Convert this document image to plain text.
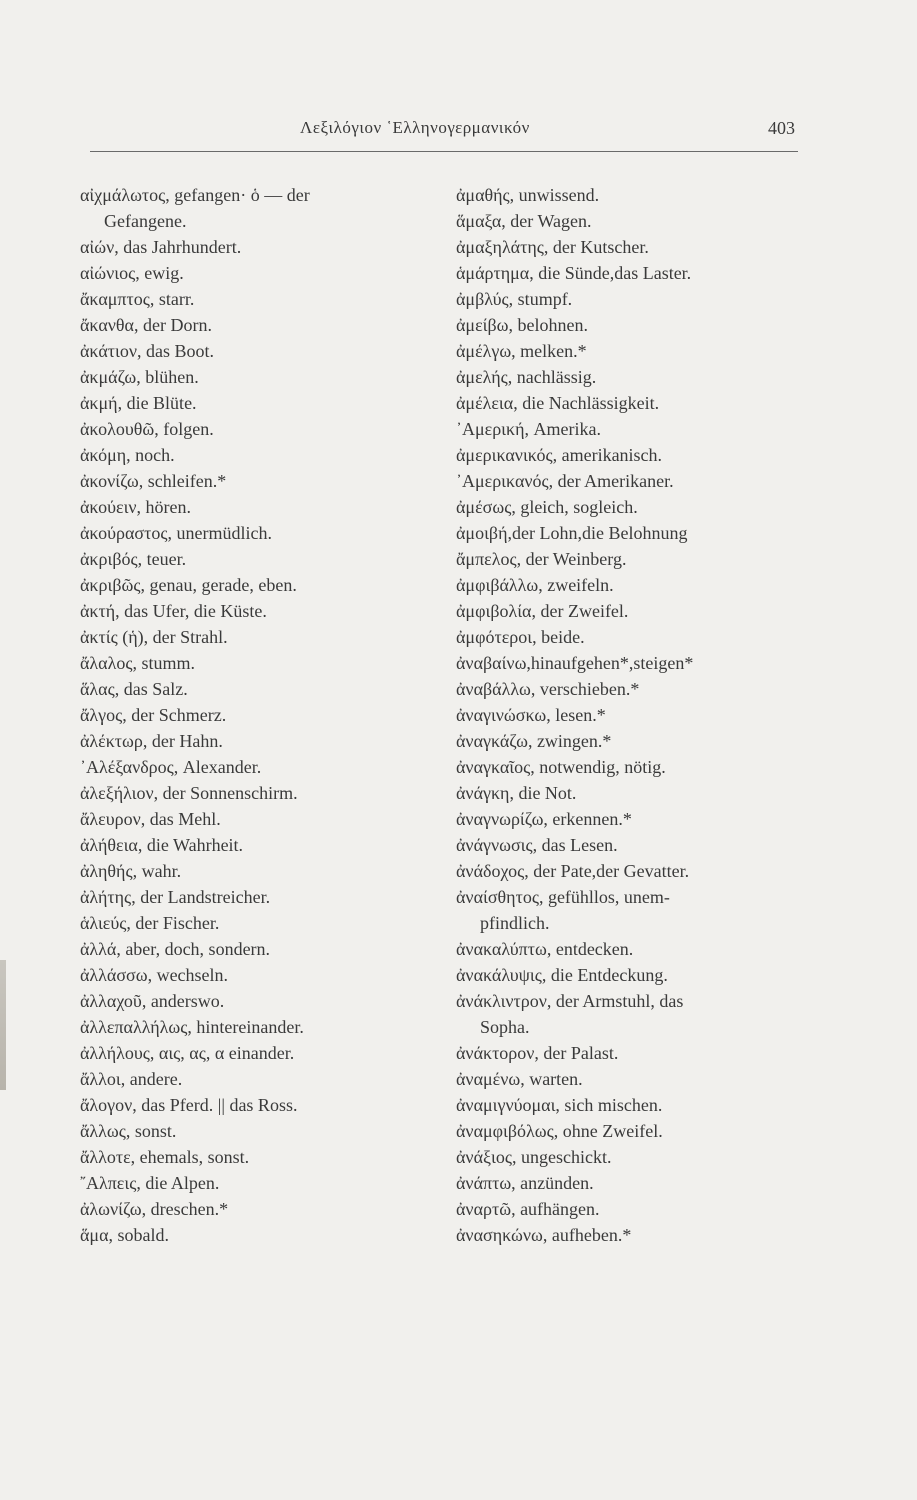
Λεξιλόγιον ῾Ελληνογερμανικόν	403
αἰχμάλωτος, gefangen· ὁ — der
Gefangene.
αἰών, das Jahrhundert.
αἰώνιος, ewig.
ἄκαμπτος, starr.
ἄκανθα, der Dorn.
ἀκάτιον, das Boot.
ἀκμάζω, blühen.
ἀκμή, die Blüte.
ἀκολουθῶ, folgen.
ἀκόμη, noch.
ἀκονίζω, schleifen.*
ἀκούειν, hören.
ἀκούραστος, unermüdlich.
ἀκριβός, teuer.
ἀκριβῶς, genau, gerade, eben.
ἀκτή, das Ufer, die Küste.
ἀκτίς (ἡ), der Strahl.
ἄλαλος, stumm.
ἅλας, das Salz.
ἄλγος, der Schmerz.
ἀλέκτωρ, der Hahn.
᾿Αλέξανδρος, Alexander.
ἀλεξήλιον, der Sonnenschirm.
ἄλευρον, das Mehl.
ἀλήθεια, die Wahrheit.
ἀληθής, wahr.
ἀλήτης, der Landstreicher.
ἁλιεύς, der Fischer.
ἀλλά, aber, doch, sondern.
ἀλλάσσω, wechseln.
ἀλλαχοῦ, anderswo.
ἀλλεπαλλήλως, hintereinander.
ἀλλήλους, αις, ας, α einander.
ἄλλοι, andere.
ἄλογον, das Pferd. || das Ross.
ἄλλως, sonst.
ἄλλοτε, ehemals, sonst.
῎Αλπεις, die Alpen.
ἀλωνίζω, dreschen.*
ἅμα, sobald.
ἀμαθής, unwissend.
ἅμαξα, der Wagen.
ἀμαξηλάτης, der Kutscher.
ἁμάρτημα, die Sünde,das Laster.
ἀμβλύς, stumpf.
ἀμείβω, belohnen.
ἀμέλγω, melken.*
ἀμελής, nachlässig.
ἀμέλεια, die Nachlässigkeit.
᾿Αμερική, Amerika.
ἀμερικανικός, amerikanisch.
᾿Αμερικανός, der Amerikaner.
ἀμέσως, gleich, sogleich.
ἀμοιβή,der Lohn,die Belohnung
ἄμπελος, der Weinberg.
ἀμφιβάλλω, zweifeln.
ἀμφιβολία, der Zweifel.
ἀμφότεροι, beide.
ἀναβαίνω,hinaufgehen*,steigen*
ἀναβάλλω, verschieben.*
ἀναγινώσκω, lesen.*
ἀναγκάζω, zwingen.*
ἀναγκαῖος, notwendig, nötig.
ἀνάγκη, die Not.
ἀναγνωρίζω, erkennen.*
ἀνάγνωσις, das Lesen.
ἀνάδοχος, der Pate,der Gevatter.
ἀναίσθητος, gefühllos, unem-
pfindlich.
ἀνακαλύπτω, entdecken.
ἀνακάλυψις, die Entdeckung.
ἀνάκλιντρον, der Armstuhl, das
Sopha.
ἀνάκτορον, der Palast.
ἀναμένω, warten.
ἀναμιγνύομαι, sich mischen.
ἀναμφιβόλως, ohne Zweifel.
ἀνάξιος, ungeschickt.
ἀνάπτω, anzünden.
ἀναρτῶ, aufhängen.
ἀνασηκώνω, aufheben.*
